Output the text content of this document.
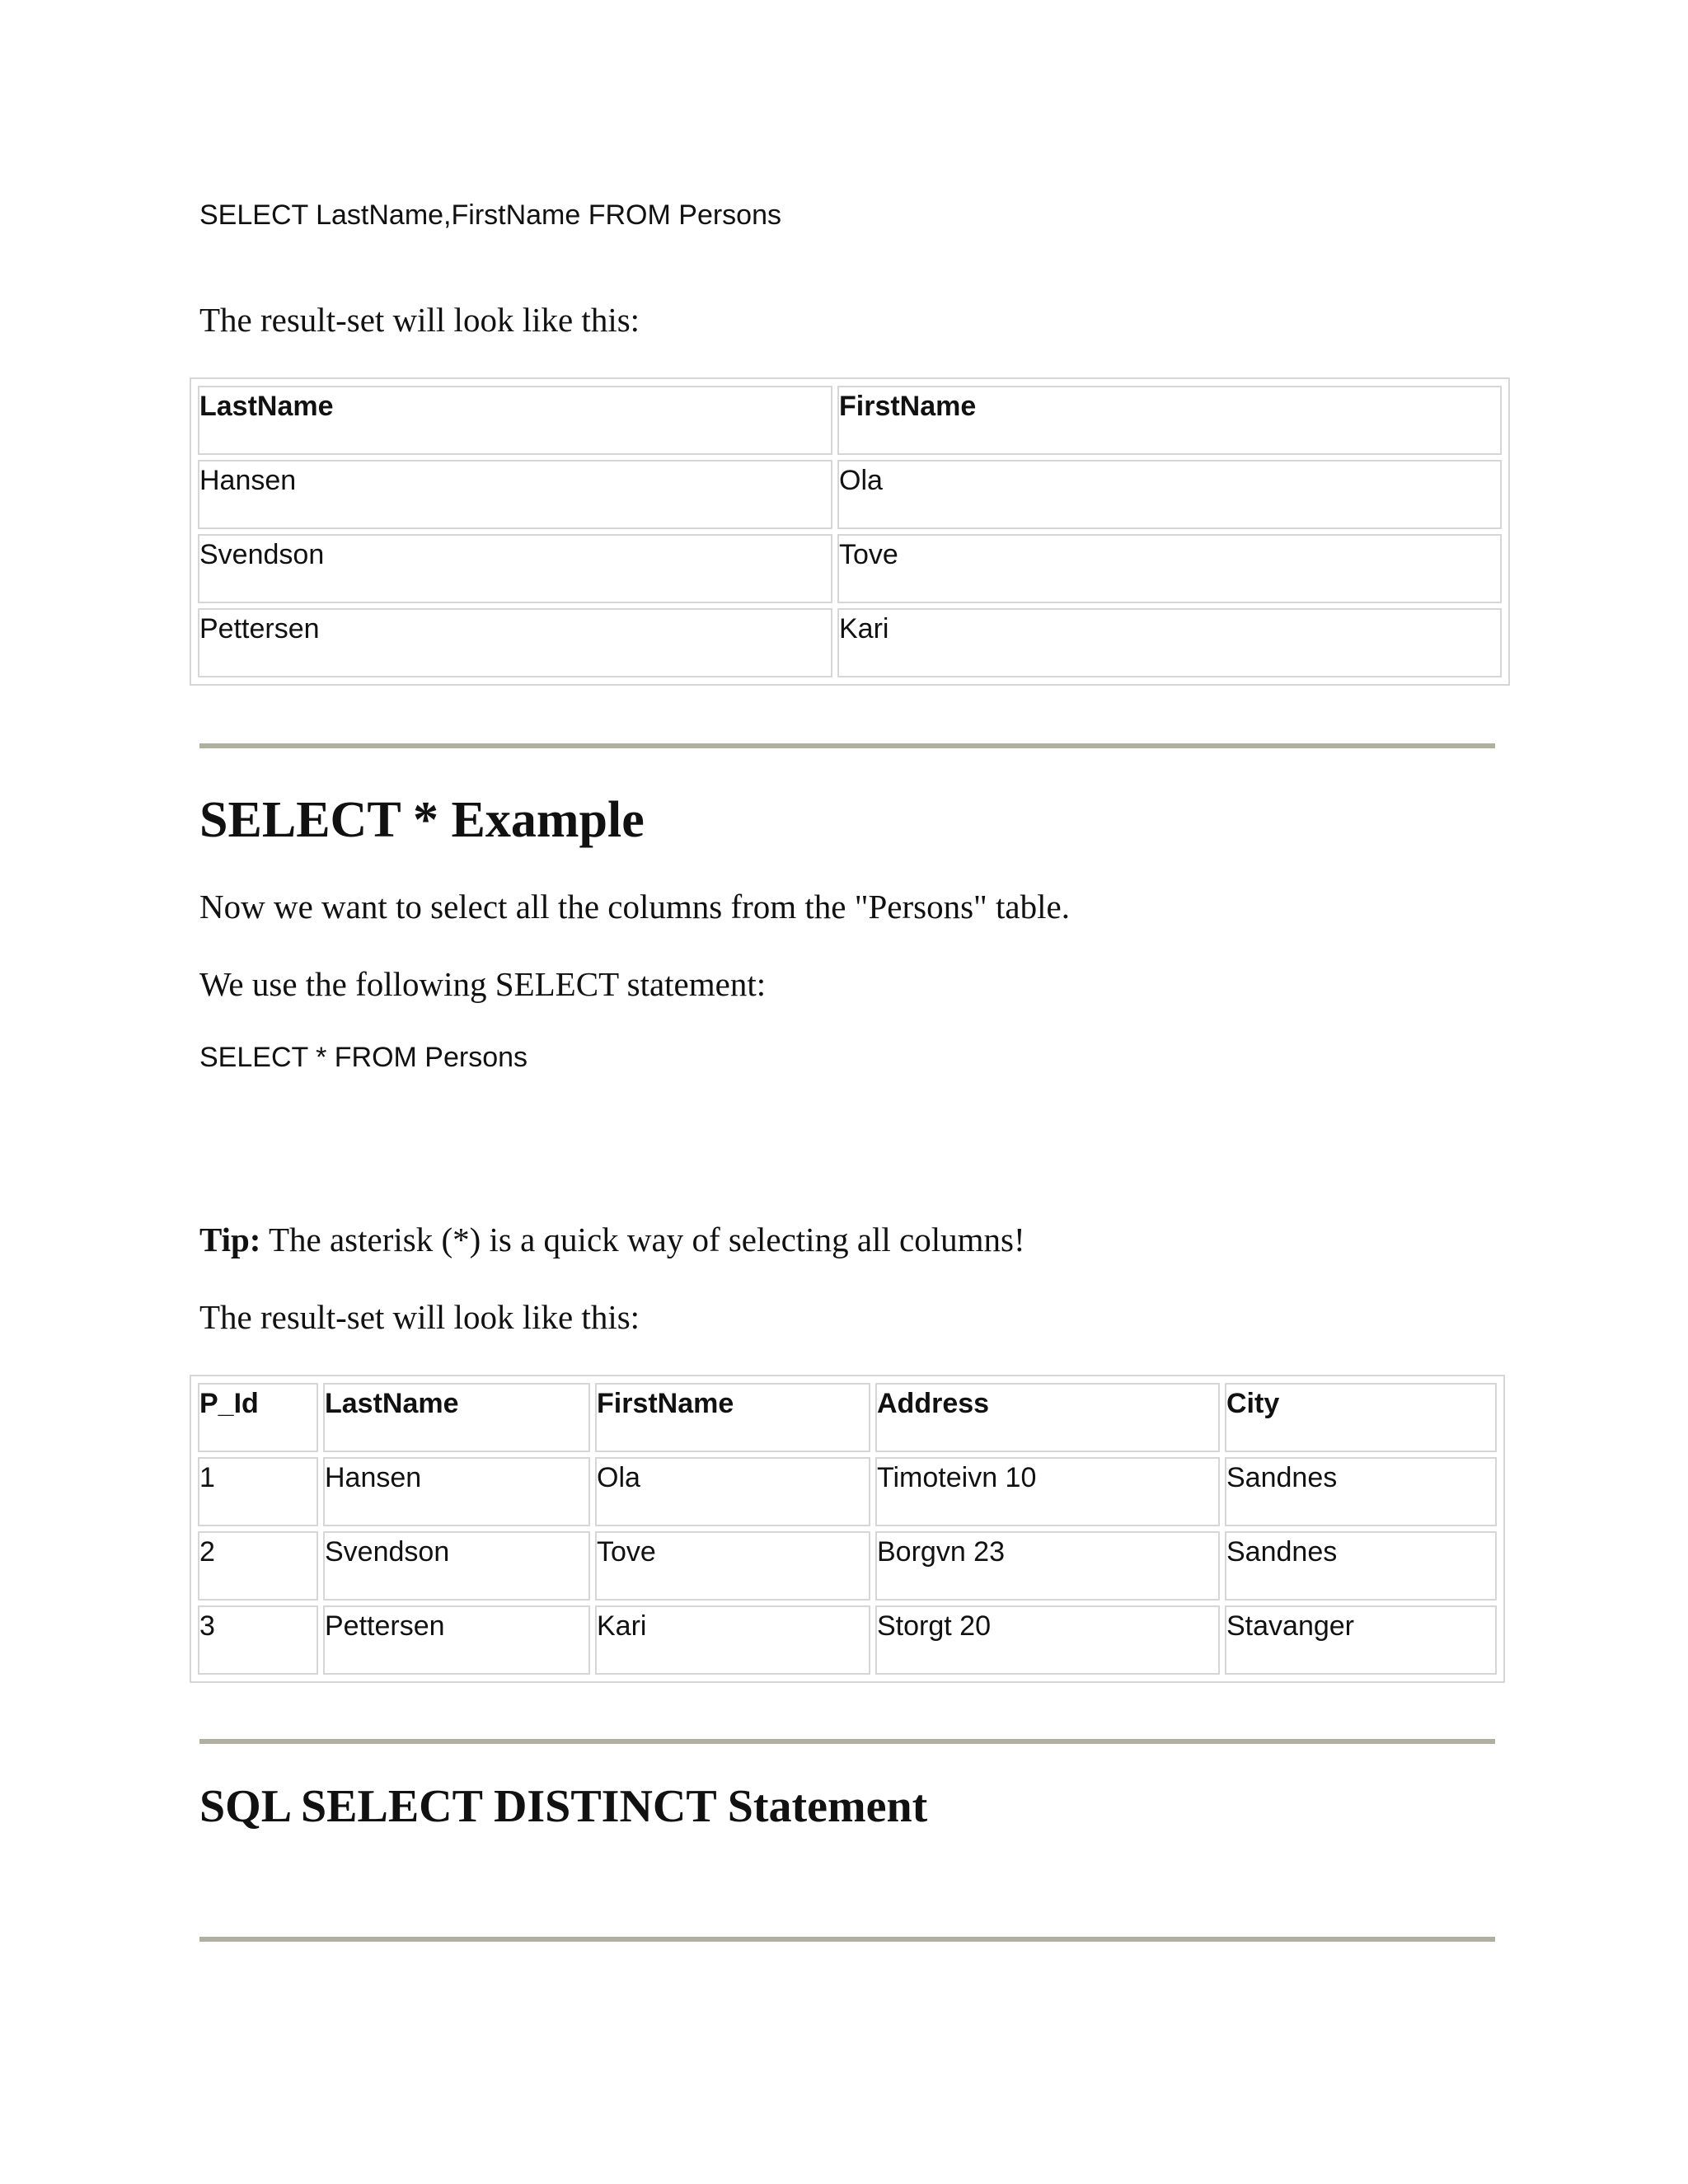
SELECT LastName,FirstName FROM Persons

The result-set will look like this:

LastName	FirstName
Hansen	Ola
Svendson	Tove
Pettersen	Kari
SELECT * Example

Now we want to select all the columns from the "Persons" table.

We use the following SELECT statement:

SELECT * FROM Persons

Tip: The asterisk (*) is a quick way of selecting all columns!

The result-set will look like this:

P_Id	LastName	FirstName	Address	City
1	Hansen	Ola	Timoteivn 10	Sandnes
2	Svendson	Tove	Borgvn 23	Sandnes
3	Pettersen	Kari	Storgt 20	Stavanger
SQL SELECT DISTINCT Statement
